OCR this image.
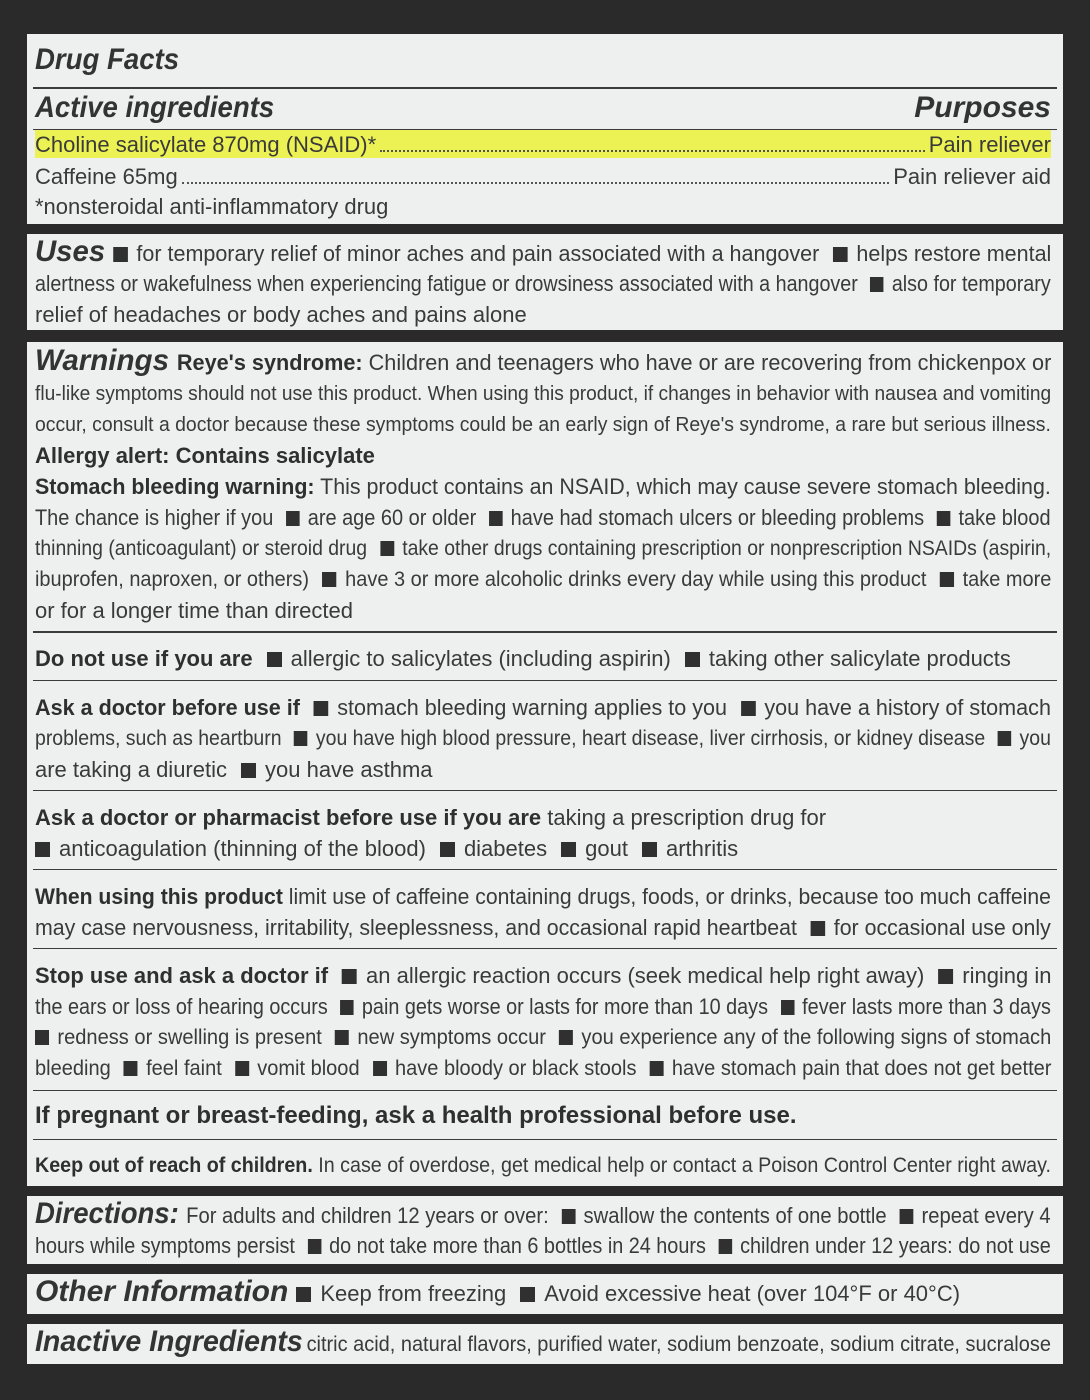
Drug Facts
Active ingredients	Purposes
Choline salicylate 870mg (NSAID)*	Pain reliever
Caffeine 65mg	Pain reliever aid
*nonsteroidal anti-inflammatory drug
Uses for temporary relief of minor aches and pain associated with a hangover helps restore mental
alertness or wakefulness when experiencing fatigue or drowsiness associated with a hangover also for temporary
relief of headaches or body aches and pains alone
Warnings Reye's syndrome: Children and teenagers who have or are recovering from chickenpox or
flu-like symptoms should not use this product. When using this product, if changes in behavior with nausea and vomiting
occur, consult a doctor because these symptoms could be an early sign of Reye's syndrome, a rare but serious illness.
Allergy alert: Contains salicylate
Stomach bleeding warning: This product contains an NSAID, which may cause severe stomach bleeding.
The chance is higher if you are age 60 or older have had stomach ulcers or bleeding problems take blood
thinning (anticoagulant) or steroid drug take other drugs containing prescription or nonprescription NSAIDs (aspirin,
ibuprofen, naproxen, or others) have 3 or more alcoholic drinks every day while using this product take more
or for a longer time than directed
Do not use if you are allergic to salicylates (including aspirin) taking other salicylate products
Ask a doctor before use if stomach bleeding warning applies to you you have a history of stomach
problems, such as heartburn you have high blood pressure, heart disease, liver cirrhosis, or kidney disease you
are taking a diuretic you have asthma
Ask a doctor or pharmacist before use if you are taking a prescription drug for
anticoagulation (thinning of the blood) diabetes gout arthritis
When using this product limit use of caffeine containing drugs, foods, or drinks, because too much caffeine
may case nervousness, irritability, sleeplessness, and occasional rapid heartbeat for occasional use only
Stop use and ask a doctor if an allergic reaction occurs (seek medical help right away) ringing in
the ears or loss of hearing occurs pain gets worse or lasts for more than 10 days fever lasts more than 3 days
redness or swelling is present new symptoms occur you experience any of the following signs of stomach
bleeding feel faint vomit blood have bloody or black stools have stomach pain that does not get better
If pregnant or breast-feeding, ask a health professional before use.
Keep out of reach of children. In case of overdose, get medical help or contact a Poison Control Center right away.
Directions: For adults and children 12 years or over: swallow the contents of one bottle repeat every 4
hours while symptoms persist do not take more than 6 bottles in 24 hours children under 12 years: do not use
Other Information Keep from freezing Avoid excessive heat (over 104°F or 40°C)
Inactive Ingredients citric acid, natural flavors, purified water, sodium benzoate, sodium citrate, sucralose
